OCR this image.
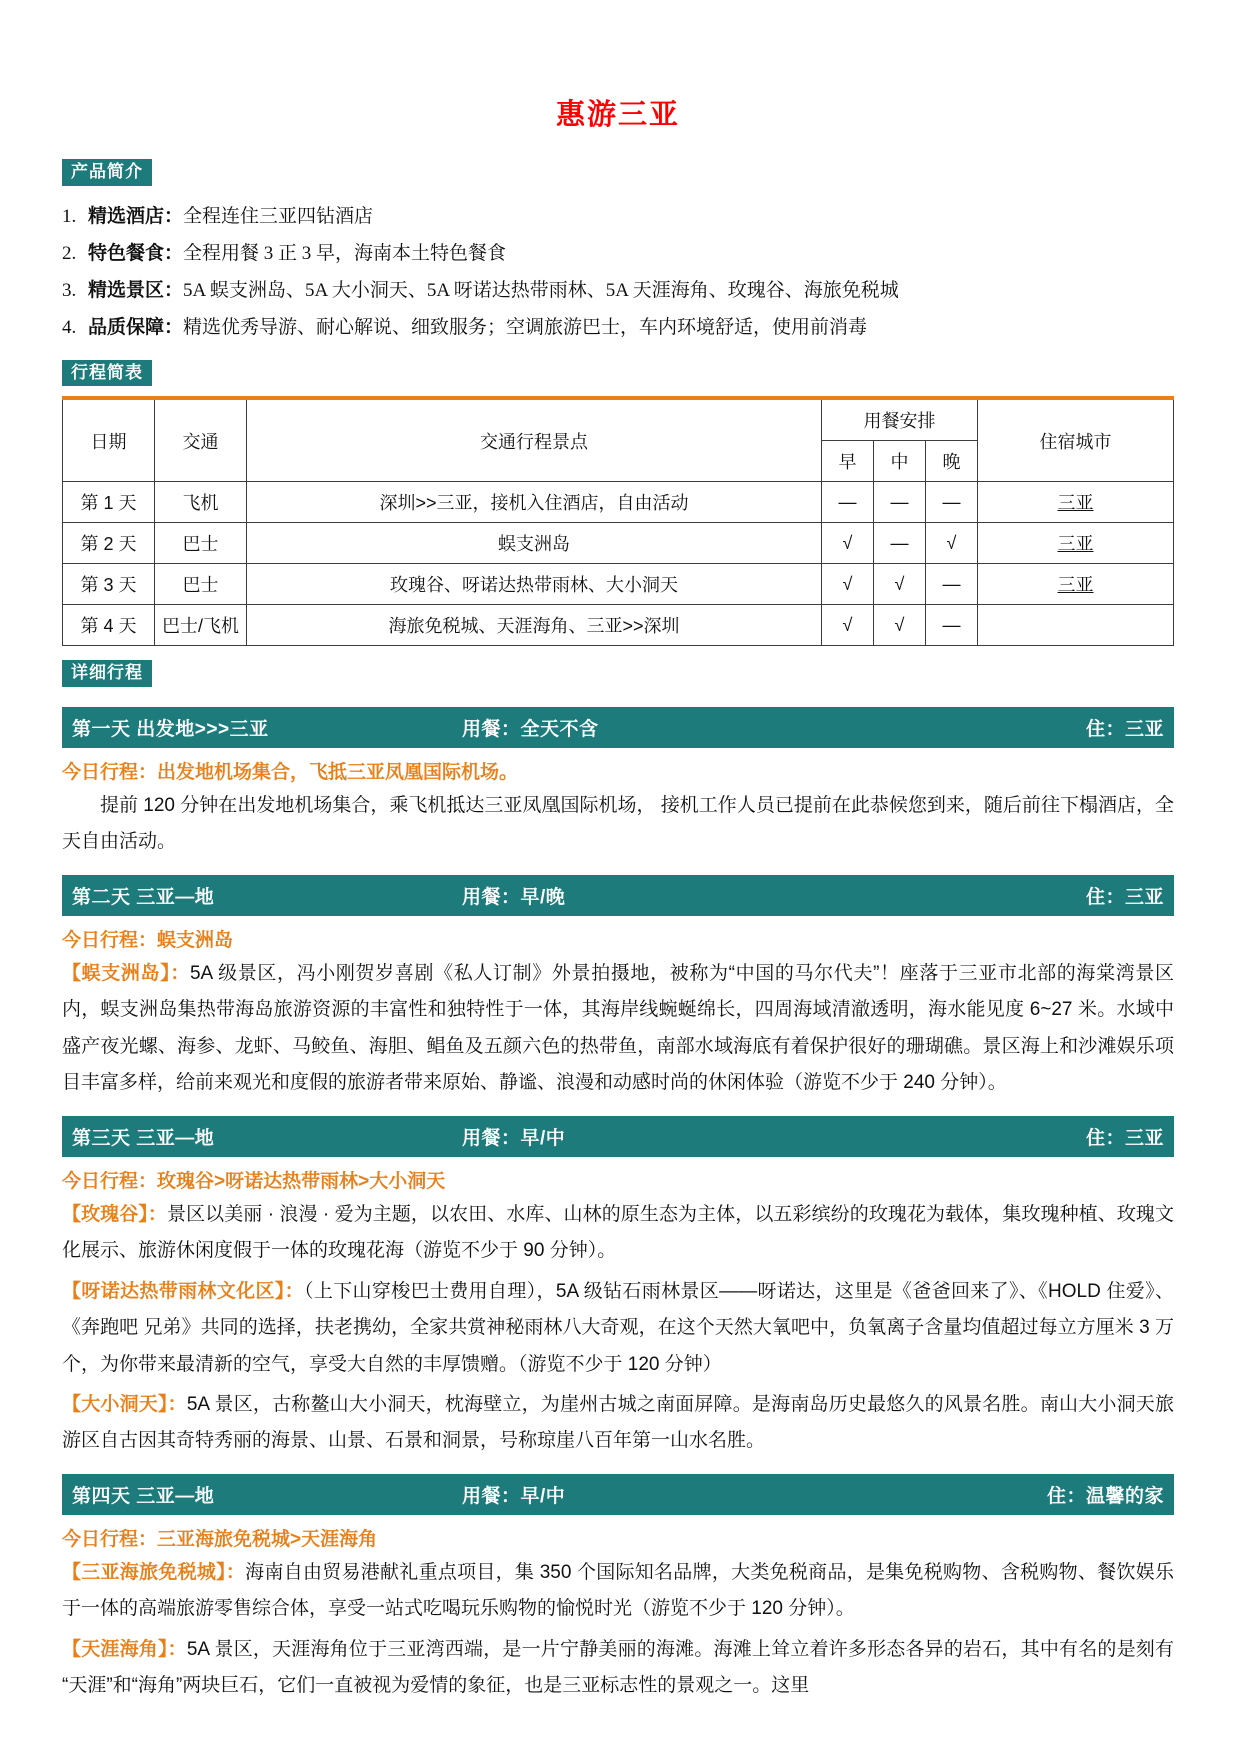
惠游三亚
产品简介
1. 精选酒店：全程连住三亚四钻酒店
2. 特色餐食：全程用餐 3 正 3 早，海南本土特色餐食
3. 精选景区：5A 蜈支洲岛、5A 大小洞天、5A 呀诺达热带雨林、5A 天涯海角、玫瑰谷、海旅免税城
4. 品质保障：精选优秀导游、耐心解说、细致服务；空调旅游巴士，车内环境舒适，使用前消毒
行程简表
日期	交通	交通行程景点	用餐安排			住宿城市
			早	中	晚	
第 1 天	飞机	深圳>>三亚，接机入住酒店，自由活动	—	—	—	三亚
第 2 天	巴士	蜈支洲岛	√	—	√	三亚
第 3 天	巴士	玫瑰谷、呀诺达热带雨林、大小洞天	√	√	—	三亚
第 4 天	巴士/飞机	海旅免税城、天涯海角、三亚>>深圳	√	√	—	
详细行程
第一天 出发地>>>三亚	用餐：全天不含	住：三亚
今日行程：出发地机场集合，飞抵三亚凤凰国际机场。

提前 120 分钟在出发地机场集合，乘飞机抵达三亚凤凰国际机场， 接机工作人员已提前在此恭候您到来，随后前往下榻酒店，全天自由活动。

第二天 三亚—地	用餐：早/晚	住：三亚
今日行程：蜈支洲岛

【蜈支洲岛】：5A 级景区，冯小刚贺岁喜剧《私人订制》外景拍摄地，被称为“中国的马尔代夫”！座落于三亚市北部的海棠湾景区内，蜈支洲岛集热带海岛旅游资源的丰富性和独特性于一体，其海岸线蜿蜒绵长，四周海域清澈透明，海水能见度 6~27 米。水域中盛产夜光螺、海参、龙虾、马鲛鱼、海胆、鲳鱼及五颜六色的热带鱼，南部水域海底有着保护很好的珊瑚礁。景区海上和沙滩娱乐项目丰富多样，给前来观光和度假的旅游者带来原始、静谧、浪漫和动感时尚的休闲体验（游览不少于 240 分钟）。

第三天 三亚—地	用餐：早/中	住：三亚
今日行程：玫瑰谷>呀诺达热带雨林>大小洞天

【玫瑰谷】：景区以美丽 · 浪漫 · 爱为主题，以农田、水库、山林的原生态为主体，以五彩缤纷的玫瑰花为载体，集玫瑰种植、玫瑰文化展示、旅游休闲度假于一体的玫瑰花海（游览不少于 90 分钟）。

【呀诺达热带雨林文化区】：（上下山穿梭巴士费用自理），5A 级钻石雨林景区——呀诺达，这里是《爸爸回来了》、《HOLD 住爱》、《奔跑吧 兄弟》共同的选择，扶老携幼，全家共赏神秘雨林八大奇观，在这个天然大氧吧中，负氧离子含量均值超过每立方厘米 3 万个，为你带来最清新的空气，享受大自然的丰厚馈赠。（游览不少于 120 分钟）

【大小洞天】：5A 景区，古称鳌山大小洞天，枕海壁立，为崖州古城之南面屏障。是海南岛历史最悠久的风景名胜。南山大小洞天旅游区自古因其奇特秀丽的海景、山景、石景和洞景，号称琼崖八百年第一山水名胜。

第四天 三亚—地	用餐：早/中	住：温馨的家
今日行程：三亚海旅免税城>天涯海角

【三亚海旅免税城】：海南自由贸易港献礼重点项目，集 350 个国际知名品牌，大类免税商品，是集免税购物、含税购物、餐饮娱乐于一体的高端旅游零售综合体，享受一站式吃喝玩乐购物的愉悦时光（游览不少于 120 分钟）。

【天涯海角】：5A 景区，天涯海角位于三亚湾西端，是一片宁静美丽的海滩。海滩上耸立着许多形态各异的岩石，其中有名的是刻有“天涯”和“海角”两块巨石，它们一直被视为爱情的象征，也是三亚标志性的景观之一。这里
